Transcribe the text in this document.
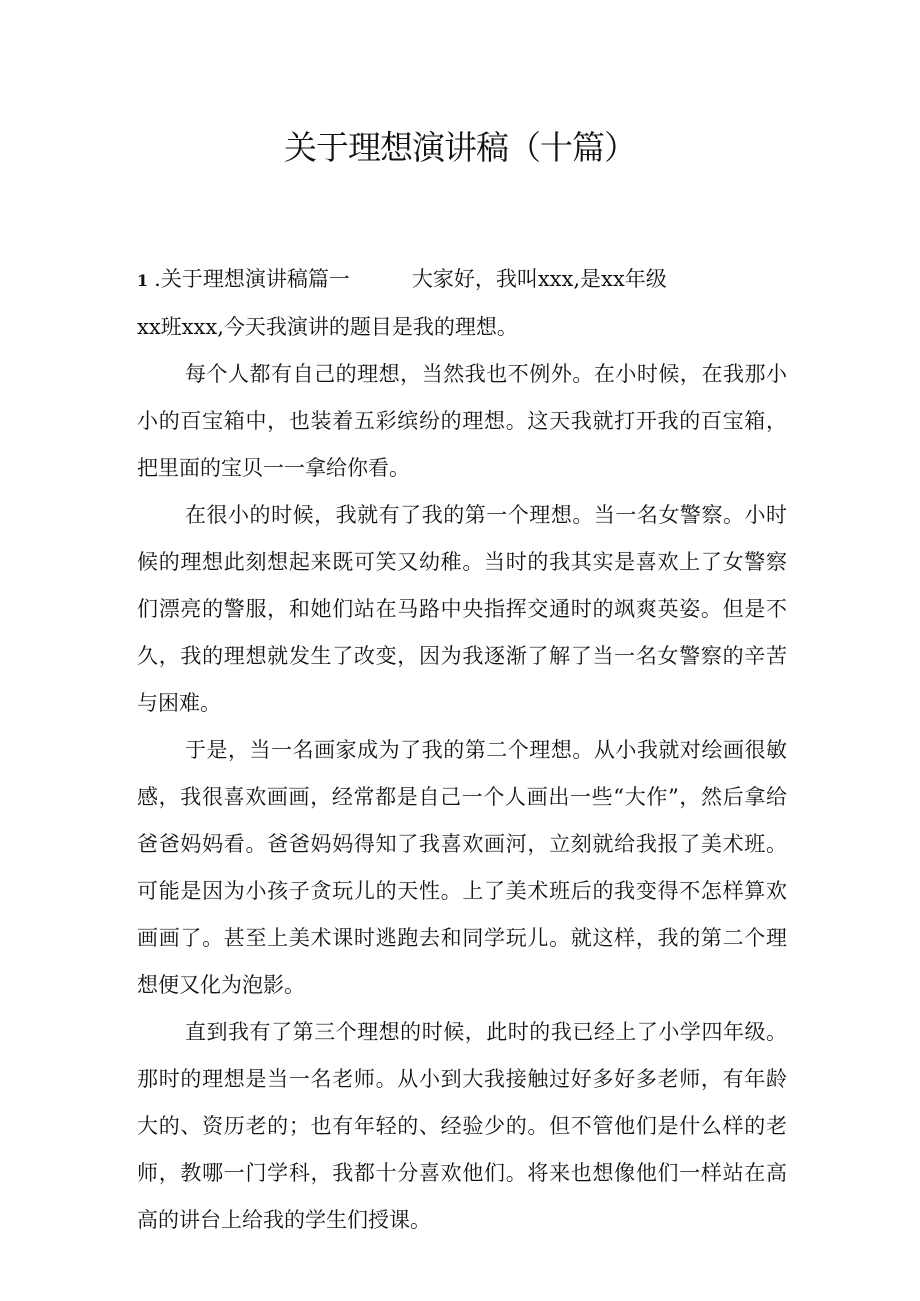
关于理想演讲稿（十篇）

1 .关于理想演讲稿篇一	大家好，我叫xxx,是xx年级

xx班xxx,今天我演讲的题目是我的理想。

每个人都有自己的理想，当然我也不例外。在小时候，在我那小小的百宝箱中，也装着五彩缤纷的理想。这天我就打开我的百宝箱，把里面的宝贝一一拿给你看。

在很小的时候，我就有了我的第一个理想。当一名女警察。小时候的理想此刻想起来既可笑又幼稚。当时的我其实是喜欢上了女警察们漂亮的警服，和她们站在马路中央指挥交通时的飒爽英姿。但是不久，我的理想就发生了改变，因为我逐渐了解了当一名女警察的辛苦与困难。

于是，当一名画家成为了我的第二个理想。从小我就对绘画很敏感，我很喜欢画画，经常都是自己一个人画出一些“大作”，然后拿给爸爸妈妈看。爸爸妈妈得知了我喜欢画河，立刻就给我报了美术班。可能是因为小孩子贪玩儿的天性。上了美术班后的我变得不怎样算欢画画了。甚至上美术课时逃跑去和同学玩儿。就这样，我的第二个理想便又化为泡影。

直到我有了第三个理想的时候，此时的我已经上了小学四年级。那时的理想是当一名老师。从小到大我接触过好多好多老师，有年龄大的、资历老的；也有年轻的、经验少的。但不管他们是什么样的老师，教哪一门学科，我都十分喜欢他们。将来也想像他们一样站在高高的讲台上给我的学生们授课。
